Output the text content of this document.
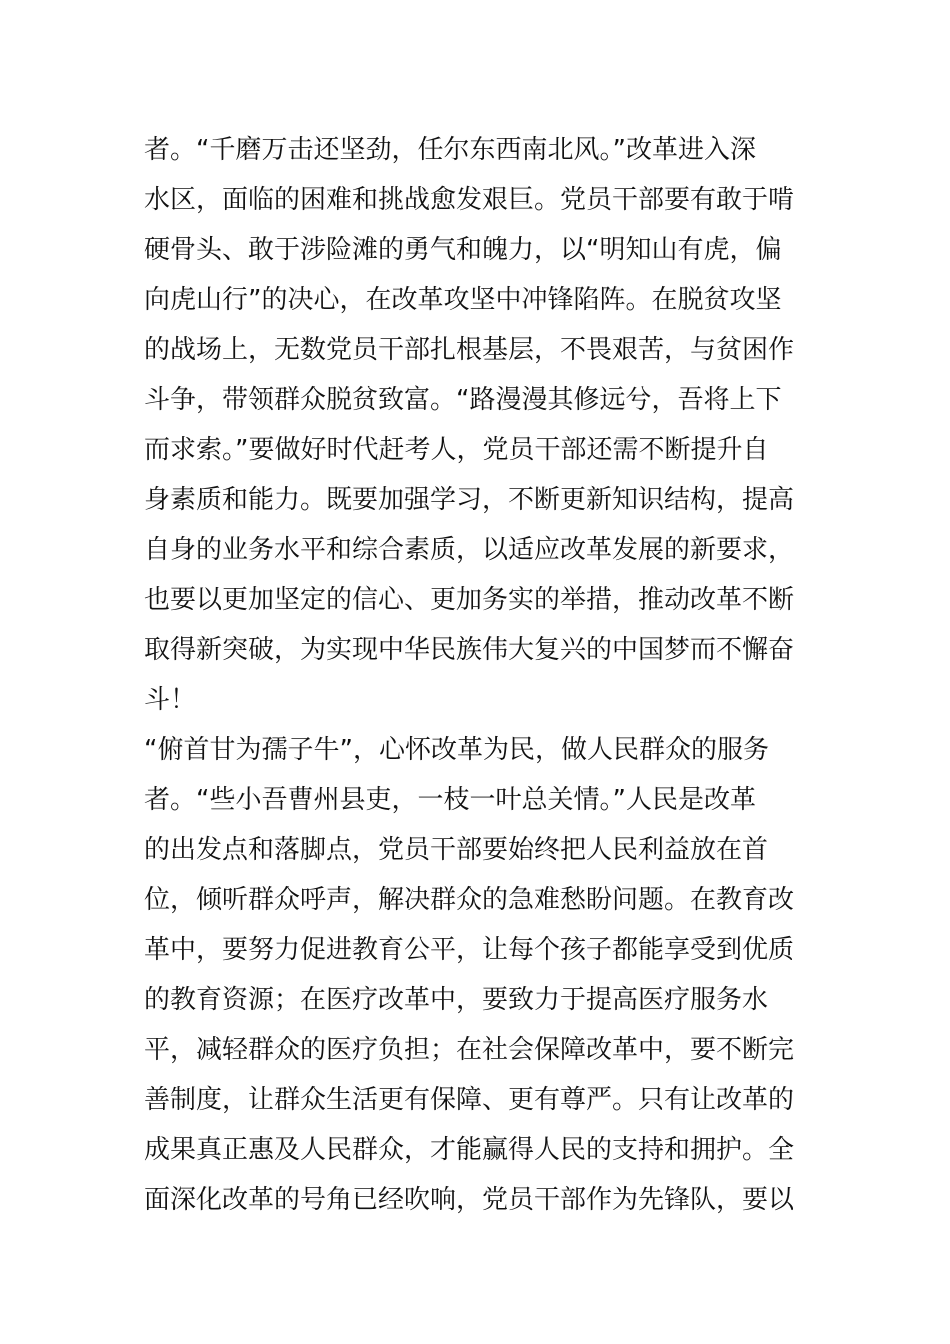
者。“千磨万击还坚劲，任尔东西南北风。”改革进入深
水区，面临的困难和挑战愈发艰巨。党员干部要有敢于啃
硬骨头、敢于涉险滩的勇气和魄力，以“明知山有虎，偏
向虎山行”的决心，在改革攻坚中冲锋陷阵。在脱贫攻坚
的战场上，无数党员干部扎根基层，不畏艰苦，与贫困作
斗争，带领群众脱贫致富。“路漫漫其修远兮，吾将上下
而求索。”要做好时代赶考人，党员干部还需不断提升自
身素质和能力。既要加强学习，不断更新知识结构，提高
自身的业务水平和综合素质，以适应改革发展的新要求，
也要以更加坚定的信心、更加务实的举措，推动改革不断
取得新突破，为实现中华民族伟大复兴的中国梦而不懈奋
斗！
“俯首甘为孺子牛”，心怀改革为民，做人民群众的服务
者。“些小吾曹州县吏，一枝一叶总关情。”人民是改革
的出发点和落脚点，党员干部要始终把人民利益放在首
位，倾听群众呼声，解决群众的急难愁盼问题。在教育改
革中，要努力促进教育公平，让每个孩子都能享受到优质
的教育资源；在医疗改革中，要致力于提高医疗服务水
平，减轻群众的医疗负担；在社会保障改革中，要不断完
善制度，让群众生活更有保障、更有尊严。只有让改革的
成果真正惠及人民群众，才能赢得人民的支持和拥护。全
面深化改革的号角已经吹响，党员干部作为先锋队，要以
